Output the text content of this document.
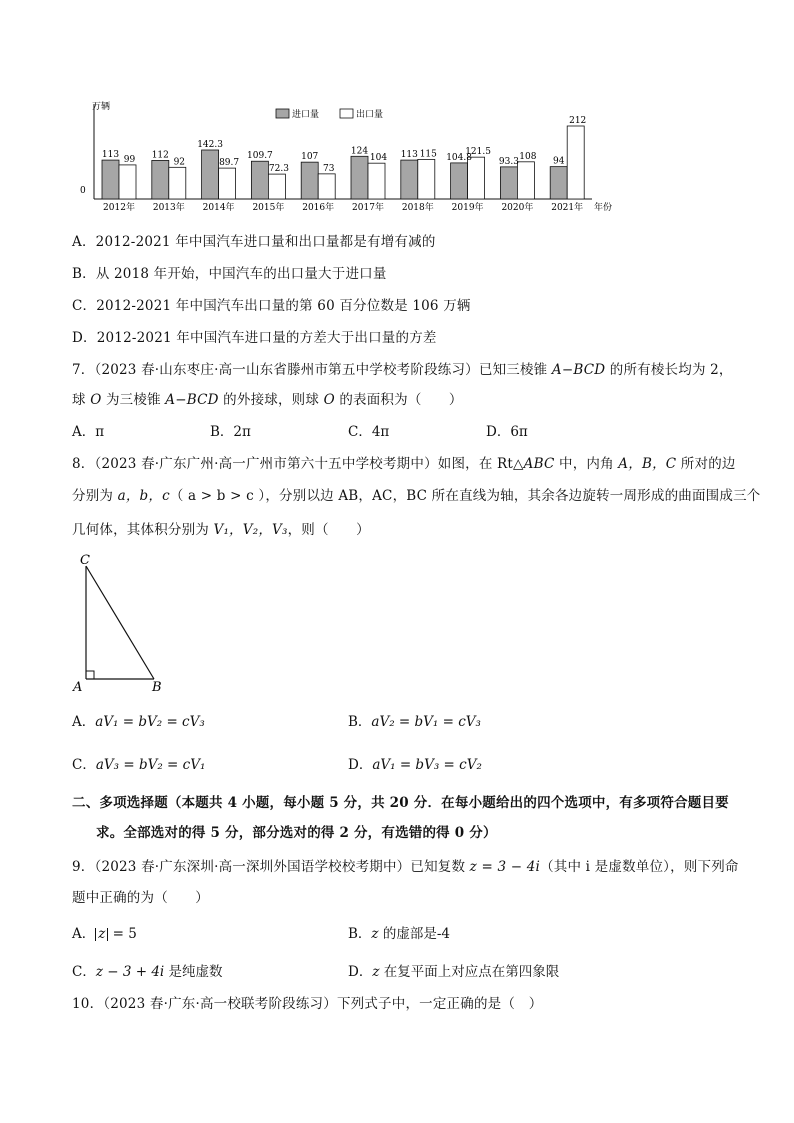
万辆
0
年份
113 99
2012年
112
92
2013年
142.3
89.7
2014年
109.7
72.3
2015年
107
73
2016年
124
104
2017年
113 115
2018年
104.8
121.5
2019年
93.3
108
2020年
94
212
2021年
进口量	出口量
A．2012-2021 年中国汽车进口量和出口量都是有增有减的
B．从 2018 年开始，中国汽车的出口量大于进口量
C．2012-2021 年中国汽车出口量的第 60 百分位数是 106 万辆
D．2012-2021 年中国汽车进口量的方差大于出口量的方差
7．（2023 春·山东枣庄·高一山东省滕州市第五中学校考阶段练习）已知三棱锥 A−BCD 的所有棱长均为 2，
球 O 为三棱锥 A−BCD 的外接球，则球 O 的表面积为（　　）
A．π	B．2π	C．4π	D．6π
8．（2023 春·广东广州·高一广州市第六十五中学校考期中）如图，在 Rt△ABC 中，内角 A，B，C 所对的边
分别为 a，b，c（ a > b > c ），分别以边 AB，AC，BC 所在直线为轴，其余各边旋转一周形成的曲面围成三个
几何体，其体积分别为 V₁，V₂，V₃，则（　　）
C
A	B
A．aV₁ = bV₂ = cV₃	B．aV₂ = bV₁ = cV₃
C．aV₃ = bV₂ = cV₁	D．aV₁ = bV₃ = cV₂
二、多项选择题（本题共 4 小题，每小题 5 分，共 20 分．在每小题给出的四个选项中，有多项符合题目要
求。全部选对的得 5 分，部分选对的得 2 分，有选错的得 0 分）
9．（2023 春·广东深圳·高一深圳外国语学校校考期中）已知复数 z = 3 − 4i（其中 i 是虚数单位），则下列命
题中正确的为（　　）
A． z = 5	B．z 的虚部是-4
C．z − 3 + 4i 是纯虚数	D．z 在复平面上对应点在第四象限
10．（2023 春·广东·高一校联考阶段练习）下列式子中，一定正确的是（　）
